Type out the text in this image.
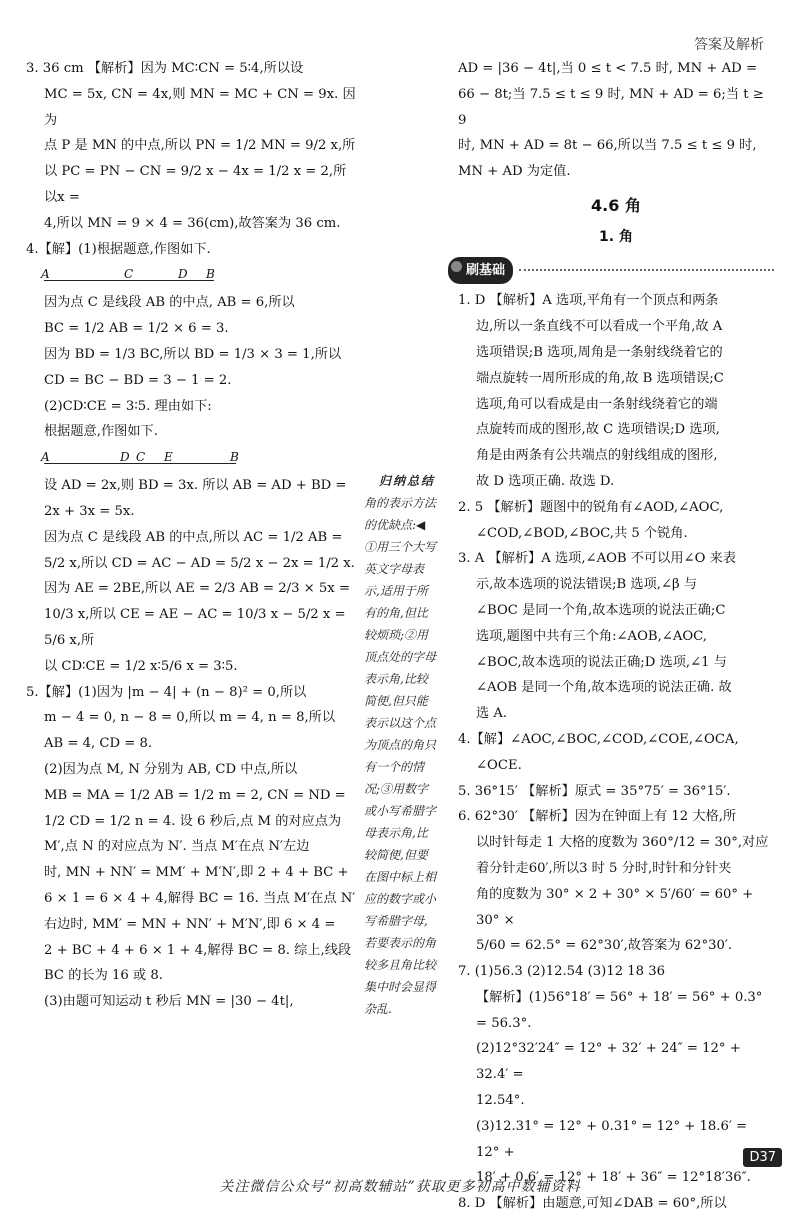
答案及解析
3. 36 cm 【解析】因为 MC∶CN = 5∶4,所以设
MC = 5x, CN = 4x,则 MN = MC + CN = 9x. 因为
点 P 是 MN 的中点,所以 PN = 1/2 MN = 9/2 x,所
以 PC = PN − CN = 9/2 x − 4x = 1/2 x = 2,所以x =
4,所以 MN = 9 × 4 = 36(cm),故答案为 36 cm.
4.【解】(1)根据题意,作图如下.
A	C	D B
因为点 C 是线段 AB 的中点, AB = 6,所以
BC = 1/2 AB = 1/2 × 6 = 3.
因为 BD = 1/3 BC,所以 BD = 1/3 × 3 = 1,所以
CD = BC − BD = 3 − 1 = 2.
(2)CD∶CE = 3∶5. 理由如下:
根据题意,作图如下.
A	D C E	B
设 AD = 2x,则 BD = 3x. 所以 AB = AD + BD =
2x + 3x = 5x.
因为点 C 是线段 AB 的中点,所以 AC = 1/2 AB =
5/2 x,所以 CD = AC − AD = 5/2 x − 2x = 1/2 x.
因为 AE = 2BE,所以 AE = 2/3 AB = 2/3 × 5x =
10/3 x,所以 CE = AE − AC = 10/3 x − 5/2 x = 5/6 x,所
以 CD∶CE = 1/2 x∶5/6 x = 3∶5.
5.【解】(1)因为 |m − 4| + (n − 8)² = 0,所以
m − 4 = 0, n − 8 = 0,所以 m = 4, n = 8,所以
AB = 4, CD = 8.
(2)因为点 M, N 分别为 AB, CD 中点,所以
MB = MA = 1/2 AB = 1/2 m = 2, CN = ND =
1/2 CD = 1/2 n = 4. 设 6 秒后,点 M 的对应点为
M′,点 N 的对应点为 N′. 当点 M′在点 N′左边
时, MN + NN′ = MM′ + M′N′,即 2 + 4 + BC +
6 × 1 = 6 × 4 + 4,解得 BC = 16. 当点 M′在点 N′
右边时, MM′ = MN + NN′ + M′N′,即 6 × 4 =
2 + BC + 4 + 6 × 1 + 4,解得 BC = 8. 综上,线段
BC 的长为 16 或 8.
(3)由题可知运动 t 秒后 MN = |30 − 4t|,
归纳总结
角的表示方法
的优缺点:◀
①用三个大写
英文字母表
示,适用于所
有的角,但比
较烦琐;②用
顶点处的字母
表示角,比较
简便,但只能
表示以这个点
为顶点的角只
有一个的情
况;③用数字
或小写希腊字
母表示角,比
较简便,但要
在图中标上相
应的数字或小
写希腊字母,
若要表示的角
较多且角比较
集中时会显得
杂乱.
AD = |36 − 4t|,当 0 ≤ t < 7.5 时, MN + AD =
66 − 8t;当 7.5 ≤ t ≤ 9 时, MN + AD = 6;当 t ≥ 9
时, MN + AD = 8t − 66,所以当 7.5 ≤ t ≤ 9 时,
MN + AD 为定值.
4.6 角
1. 角
刷基础
1. D 【解析】A 选项,平角有一个顶点和两条
边,所以一条直线不可以看成一个平角,故 A
选项错误;B 选项,周角是一条射线绕着它的
端点旋转一周所形成的角,故 B 选项错误;C
选项,角可以看成是由一条射线绕着它的端
点旋转而成的图形,故 C 选项错误;D 选项,
角是由两条有公共端点的射线组成的图形,
故 D 选项正确. 故选 D.
2. 5 【解析】题图中的锐角有∠AOD,∠AOC,
∠COD,∠BOD,∠BOC,共 5 个锐角.
3. A 【解析】A 选项,∠AOB 不可以用∠O 来表
示,故本选项的说法错误;B 选项,∠β 与
∠BOC 是同一个角,故本选项的说法正确;C
选项,题图中共有三个角:∠AOB,∠AOC,
∠BOC,故本选项的说法正确;D 选项,∠1 与
∠AOB 是同一个角,故本选项的说法正确. 故
选 A.
4.【解】∠AOC,∠BOC,∠COD,∠COE,∠OCA,
∠OCE.
5. 36°15′ 【解析】原式 = 35°75′ = 36°15′.
6. 62°30′ 【解析】因为在钟面上有 12 大格,所
以时针每走 1 大格的度数为 360°/12 = 30°,对应
着分针走60′,所以3 时 5 分时,时针和分针夹
角的度数为 30° × 2 + 30° × 5′/60′ = 60° + 30° ×
5/60 = 62.5° = 62°30′,故答案为 62°30′.
7. (1)56.3 (2)12.54 (3)12 18 36
【解析】(1)56°18′ = 56° + 18′ = 56° + 0.3° = 56.3°.
(2)12°32′24″ = 12° + 32′ + 24″ = 12° + 32.4′ =
12.54°.
(3)12.31° = 12° + 0.31° = 12° + 18.6′ = 12° +
18′ + 0.6′ = 12° + 18′ + 36″ = 12°18′36″.
8. D 【解析】由题意,可知∠DAB = 60°,所以
D37
关注微信公众号“初高数辅站”获取更多初高中数辅资料
